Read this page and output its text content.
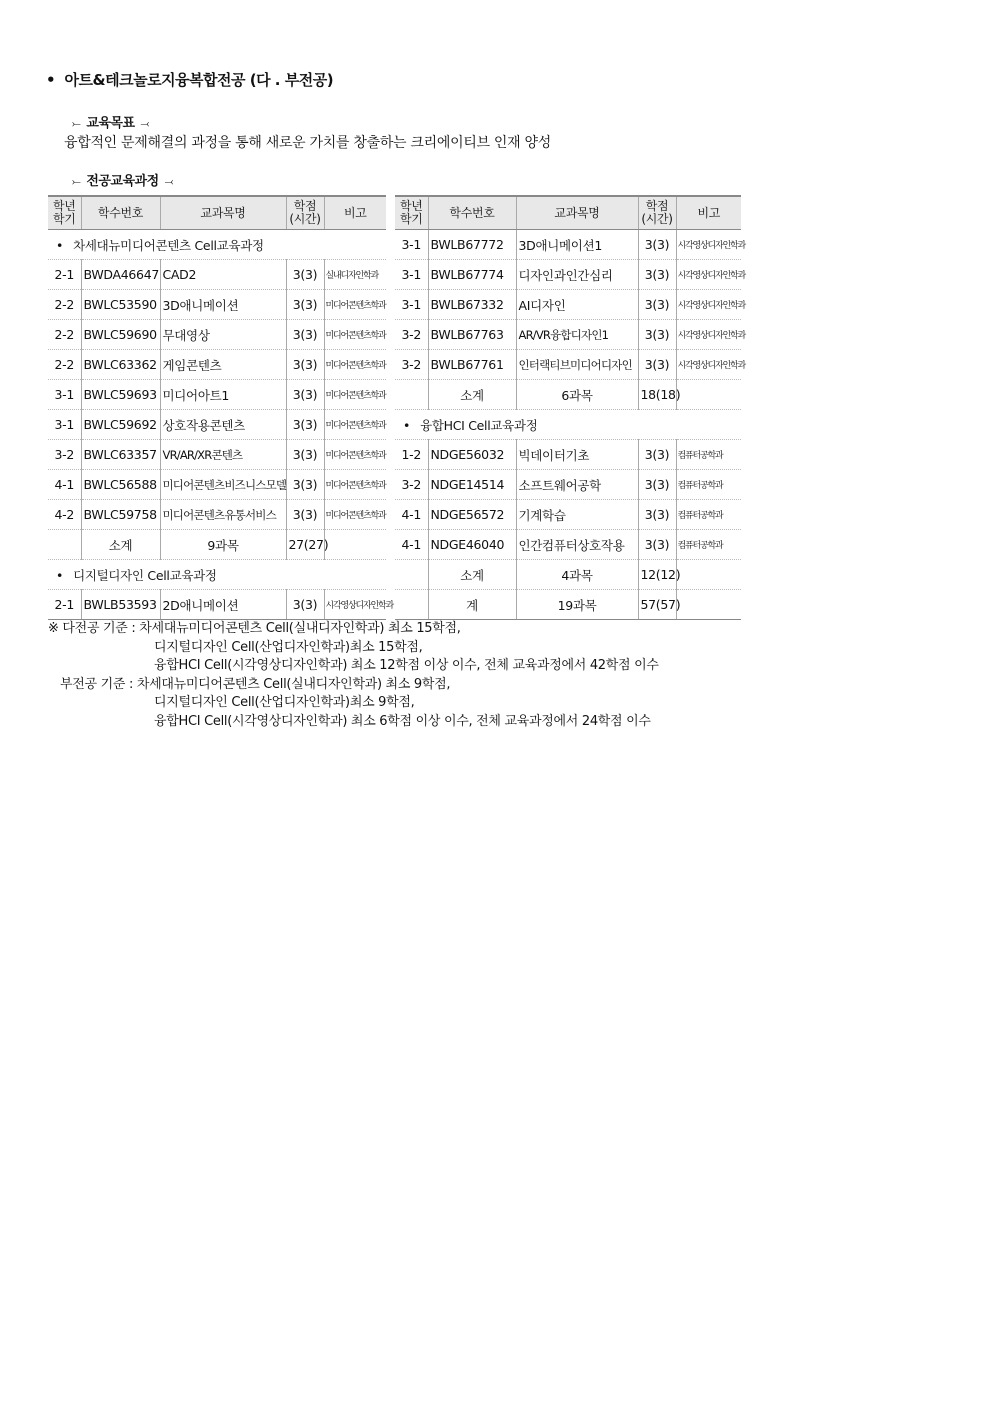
•  아트&테크놀로지융복합전공 (다 . 부전공)
⤚ 교육목표 ⤙
융합적인 문제해결의 과정을 통해 새로운 가치를 창출하는 크리에이티브 인재 양성
⤚ 전공교육과정 ⤙
학년
학기	학수번호	교과목명	학점
(시간)	비고
• 차세대뉴미디어콘텐츠 Cell교육과정				
2-1	BWDA46647	CAD2	3(3)	실내디자인학과
2-2	BWLC53590	3D애니메이션	3(3)	미디어콘텐츠학과
2-2	BWLC59690	무대영상	3(3)	미디어콘텐츠학과
2-2	BWLC63362	게임콘텐츠	3(3)	미디어콘텐츠학과
3-1	BWLC59693	미디어아트1	3(3)	미디어콘텐츠학과
3-1	BWLC59692	상호작용콘텐츠	3(3)	미디어콘텐츠학과
3-2	BWLC63357	VR/AR/XR콘텐츠	3(3)	미디어콘텐츠학과
4-1	BWLC56588	미디어콘텐츠비즈니스모델	3(3)	미디어콘텐츠학과
4-2	BWLC59758	미디어콘텐츠유통서비스	3(3)	미디어콘텐츠학과
	소계	9과목	27(27)	
• 디지털디자인 Cell교육과정				
2-1	BWLB53593	2D애니메이션	3(3)	시각영상디자인학과
학년
학기	학수번호	교과목명	학점
(시간)	비고
3-1	BWLB67772	3D애니메이션1	3(3)	시각영상디자인학과
3-1	BWLB67774	디자인과인간심리	3(3)	시각영상디자인학과
3-1	BWLB67332	AI디자인	3(3)	시각영상디자인학과
3-2	BWLB67763	AR/VR융합디자인1	3(3)	시각영상디자인학과
3-2	BWLB67761	인터랙티브미디어디자인	3(3)	시각영상디자인학과
	소계	6과목	18(18)	
• 융합HCI Cell교육과정				
1-2	NDGE56032	빅데이터기초	3(3)	컴퓨터공학과
3-2	NDGE14514	소프트웨어공학	3(3)	컴퓨터공학과
4-1	NDGE56572	기계학습	3(3)	컴퓨터공학과
4-1	NDGE46040	인간컴퓨터상호작용	3(3)	컴퓨터공학과
	소계	4과목	12(12)	
	계	19과목	57(57)	
※ 다전공 기준 : 차세대뉴미디어콘텐츠 Cell(실내디자인학과) 최소 15학점,
디지털디자인 Cell(산업디자인학과)최소 15학점,
융합HCI Cell(시각영상디자인학과) 최소 12학점 이상 이수, 전체 교육과정에서 42학점 이수
부전공 기준 : 차세대뉴미디어콘텐츠 Cell(실내디자인학과) 최소 9학점,
디지털디자인 Cell(산업디자인학과)최소 9학점,
융합HCI Cell(시각영상디자인학과) 최소 6학점 이상 이수, 전체 교육과정에서 24학점 이수
